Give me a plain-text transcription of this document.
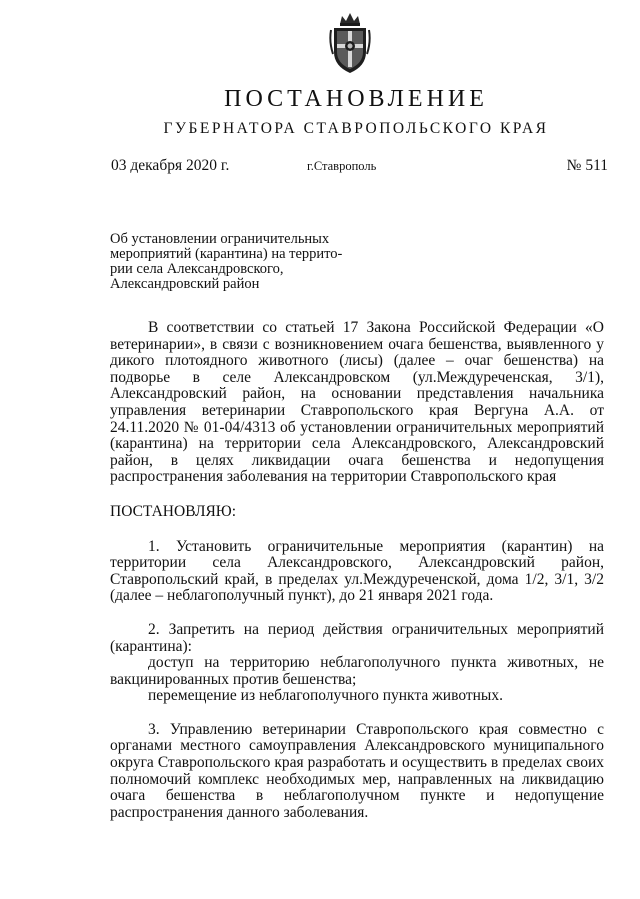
ПОСТАНОВЛЕНИЕ
ГУБЕРНАТОРА СТАВРОПОЛЬСКОГО КРАЯ
03 декабря 2020 г.	г.Ставрополь	№ 511
Об установлении ограничительных
мероприятий (карантина) на террито-
рии села Александровского,
Александровский район

В соответствии со статьей 17 Закона Российской Федерации «О ветеринарии», в связи с возникновением очага бешенства, выявленного у дикого плотоядного животного (лисы) (далее – очаг бешенства) на подворье в селе Александровском (ул.Междуреченская, 3/1), Александровский район, на основании представления начальника управления ветеринарии Ставропольского края Вергуна А.А. от 24.11.2020 № 01-04/4313 об установлении ограничительных мероприятий (карантина) на территории села Александровского, Александровский район, в целях ликвидации очага бешенства и недопущения распространения заболевания на территории Ставропольского края

ПОСТАНОВЛЯЮ:

1. Установить ограничительные мероприятия (карантин) на территории села Александровского, Александровский район, Ставропольский край, в пределах ул.Междуреченской, дома 1/2, 3/1, 3/2 (далее – неблагополучный пункт), до 21 января 2021 года.

2. Запретить на период действия ограничительных мероприятий (карантина):

доступ на территорию неблагополучного пункта животных, не вакцинированных против бешенства;

перемещение из неблагополучного пункта животных.

3. Управлению ветеринарии Ставропольского края совместно с органами местного самоуправления Александровского муниципального округа Ставропольского края разработать и осуществить в пределах своих полномочий комплекс необходимых мер, направленных на ликвидацию очага бешенства в неблагополучном пункте и недопущение распространения данного заболевания.
